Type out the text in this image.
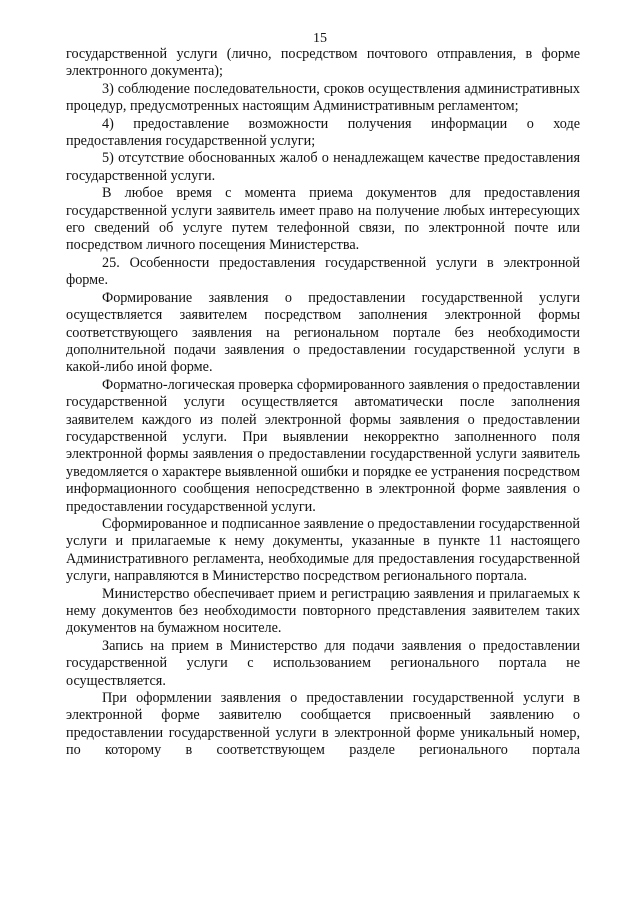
15

государственной услуги (лично, посредством почтового отправления, в форме электронного документа);

3) соблюдение последовательности, сроков осуществления административных процедур, предусмотренных настоящим Административным регламентом;

4) предоставление возможности получения информации о ходе предоставления государственной услуги;

5) отсутствие обоснованных жалоб о ненадлежащем качестве предоставления государственной услуги.

В любое время с момента приема документов для предоставления государственной услуги заявитель имеет право на получение любых интересующих его сведений об услуге путем телефонной связи, по электронной почте или посредством личного посещения Министерства.

25. Особенности предоставления государственной услуги в электронной форме.

Формирование заявления о предоставлении государственной услуги осуществляется заявителем посредством заполнения электронной формы соответствующего заявления на региональном портале без необходимости дополнительной подачи заявления о предоставлении государственной услуги в какой-либо иной форме.

Форматно-логическая проверка сформированного заявления о предоставлении государственной услуги осуществляется автоматически после заполнения заявителем каждого из полей электронной формы заявления о предоставлении государственной услуги. При выявлении некорректно заполненного поля электронной формы заявления о предоставлении государственной услуги заявитель уведомляется о характере выявленной ошибки и порядке ее устранения посредством информационного сообщения непосредственно в электронной форме заявления о предоставлении государственной услуги.

Сформированное и подписанное заявление о предоставлении государственной услуги и прилагаемые к нему документы, указанные в пункте 11 настоящего Административного регламента, необходимые для предоставления государственной услуги, направляются в Министерство посредством регионального портала.

Министерство обеспечивает прием и регистрацию заявления и прилагаемых к нему документов без необходимости повторного представления заявителем таких документов на бумажном носителе.

Запись на прием в Министерство для подачи заявления о предоставлении государственной услуги с использованием регионального портала не осуществляется.

При оформлении заявления о предоставлении государственной услуги в электронной форме заявителю сообщается присвоенный заявлению о предоставлении государственной услуги в электронной форме уникальный номер, по которому в соответствующем разделе регионального портала
